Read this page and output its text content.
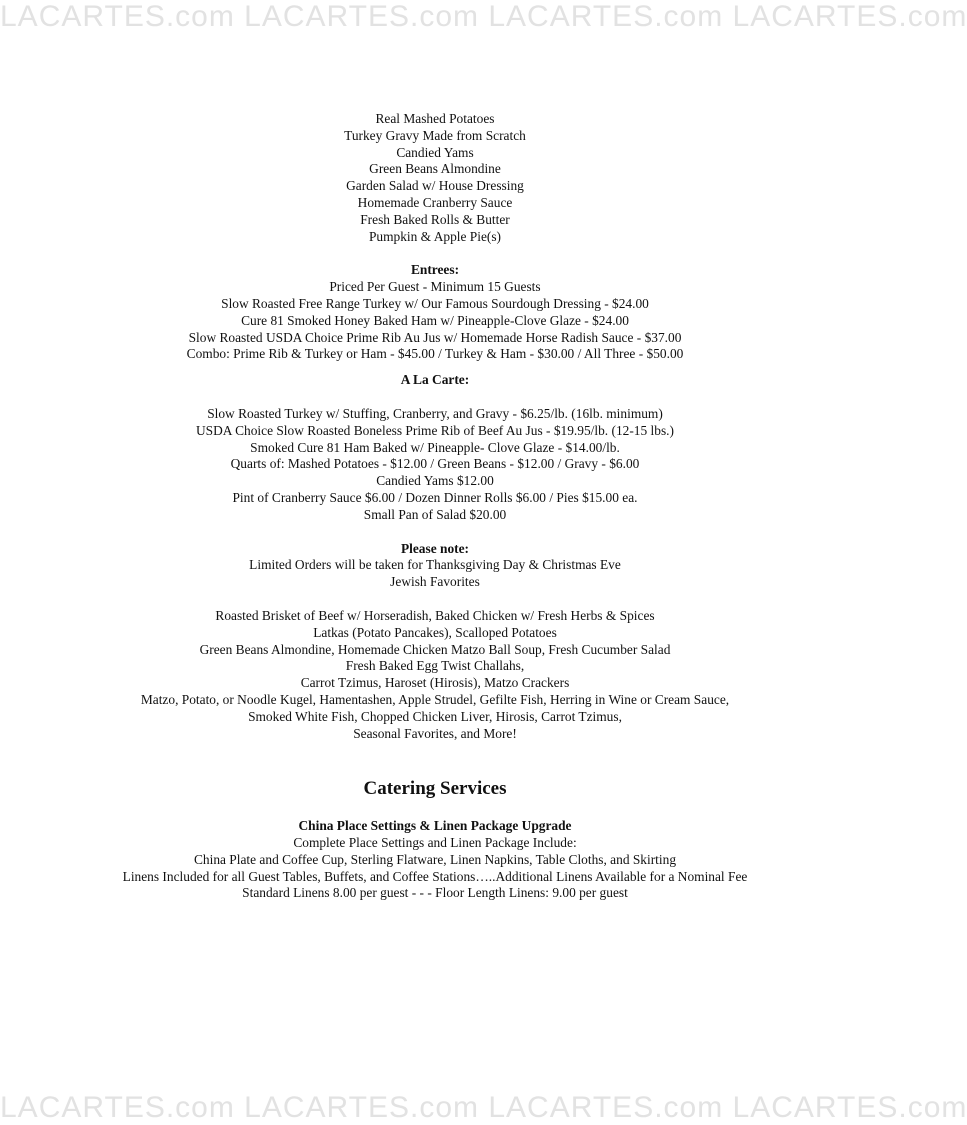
LACARTES.com LACARTES.com LACARTES.com LACARTES.com

Real Mashed Potatoes

Turkey Gravy Made from Scratch

Candied Yams

Green Beans Almondine

Garden Salad w/ House Dressing

Homemade Cranberry Sauce

Fresh Baked Rolls & Butter

Pumpkin & Apple Pie(s)

Entrees:

Priced Per Guest - Minimum 15 Guests

Slow Roasted Free Range Turkey w/ Our Famous Sourdough Dressing - $24.00

Cure 81 Smoked Honey Baked Ham w/ Pineapple-Clove Glaze - $24.00

Slow Roasted USDA Choice Prime Rib Au Jus w/ Homemade Horse Radish Sauce - $37.00

Combo: Prime Rib & Turkey or Ham - $45.00 / Turkey & Ham - $30.00 / All Three - $50.00

A La Carte:

Slow Roasted Turkey w/ Stuffing, Cranberry, and Gravy - $6.25/lb. (16lb. minimum)

USDA Choice Slow Roasted Boneless Prime Rib of Beef Au Jus - $19.95/lb. (12-15 lbs.)

Smoked Cure 81 Ham Baked w/ Pineapple- Clove Glaze - $14.00/lb.

Quarts of: Mashed Potatoes - $12.00 / Green Beans - $12.00 / Gravy - $6.00

Candied Yams $12.00

Pint of Cranberry Sauce $6.00 / Dozen Dinner Rolls $6.00 / Pies $15.00 ea.

Small Pan of Salad $20.00

Please note:

Limited Orders will be taken for Thanksgiving Day & Christmas Eve

Jewish Favorites

Roasted Brisket of Beef w/ Horseradish, Baked Chicken w/ Fresh Herbs & Spices

Latkas (Potato Pancakes), Scalloped Potatoes

Green Beans Almondine, Homemade Chicken Matzo Ball Soup, Fresh Cucumber Salad

Fresh Baked Egg Twist Challahs,

Carrot Tzimus, Haroset (Hirosis), Matzo Crackers

Matzo, Potato, or Noodle Kugel, Hamentashen, Apple Strudel, Gefilte Fish, Herring in Wine or Cream Sauce,

Smoked White Fish, Chopped Chicken Liver, Hirosis, Carrot Tzimus,

Seasonal Favorites, and More!

Catering Services

China Place Settings & Linen Package Upgrade

Complete Place Settings and Linen Package Include:

China Plate and Coffee Cup, Sterling Flatware, Linen Napkins, Table Cloths, and Skirting

Linens Included for all Guest Tables, Buffets, and Coffee Stations…..Additional Linens Available for a Nominal Fee

Standard Linens 8.00 per guest - - - Floor Length Linens: 9.00 per guest

LACARTES.com LACARTES.com LACARTES.com LACARTES.com
